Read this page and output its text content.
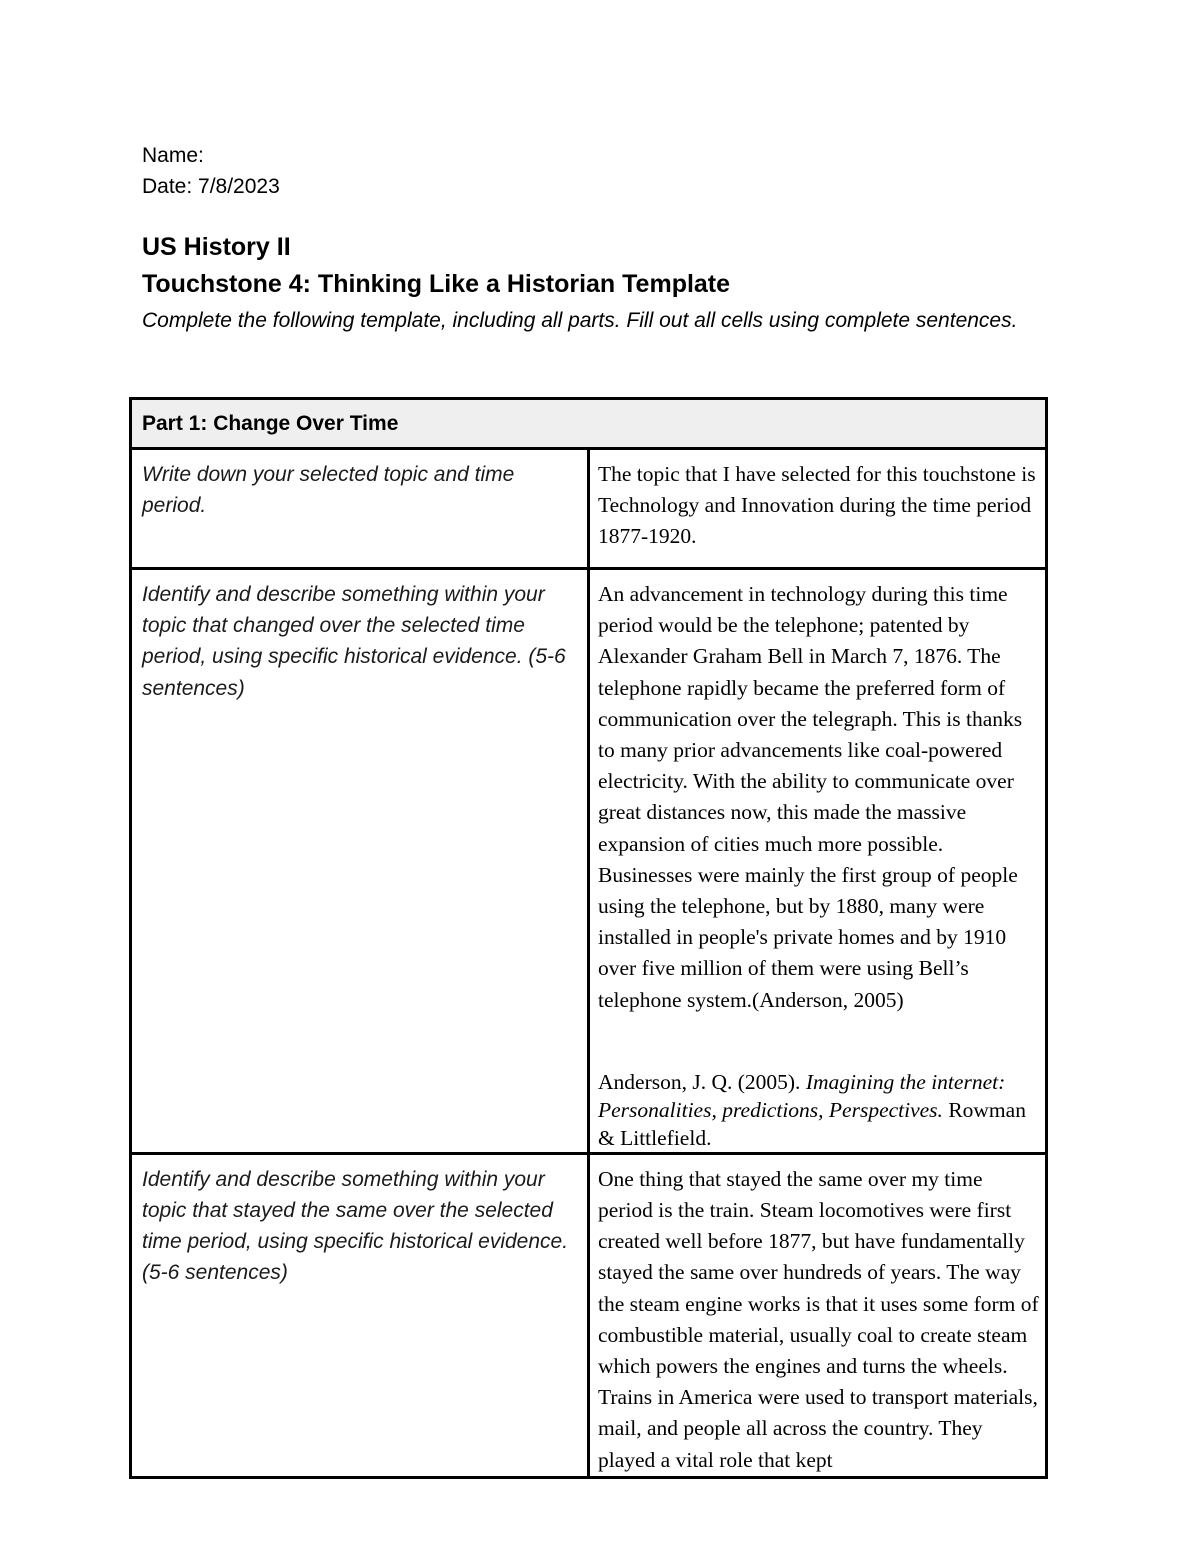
Name:

Date: 7/8/2023

US History II
Touchstone 4: Thinking Like a Historian Template

Complete the following template, including all parts. Fill out all cells using complete sentences.

Part 1: Change Over Time	

Write down your selected topic and time period.	The topic that I have selected for this touchstone is Technology and Innovation during the time period 1877-1920.

Identify and describe something within your topic that changed over the selected time period, using specific historical evidence. (5-6 sentences)	An advancement in technology during this time period would be the telephone; patented by Alexander Graham Bell in March 7, 1876. The telephone rapidly became the preferred form of communication over the telegraph. This is thanks to many prior advancements like coal-powered electricity. With the ability to communicate over great distances now, this made the massive expansion of cities much more possible. Businesses were mainly the first group of people using the telephone, but by 1880, many were installed in people's private homes and by 1910 over five million of them were using Bell’s telephone system.(Anderson, 2005)

Anderson, J. Q. (2005). Imagining the internet: Personalities, predictions, Perspectives. Rowman & Littlefield.

Identify and describe something within your topic that stayed the same over the selected time period, using specific historical evidence. (5-6 sentences)	One thing that stayed the same over my time period is the train. Steam locomotives were first created well before 1877, but have fundamentally stayed the same over hundreds of years. The way the steam engine works is that it uses some form of combustible material, usually coal to create steam which powers the engines and turns the wheels.

Trains in America were used to transport materials, mail, and people all across the country. They played a vital role that kept
